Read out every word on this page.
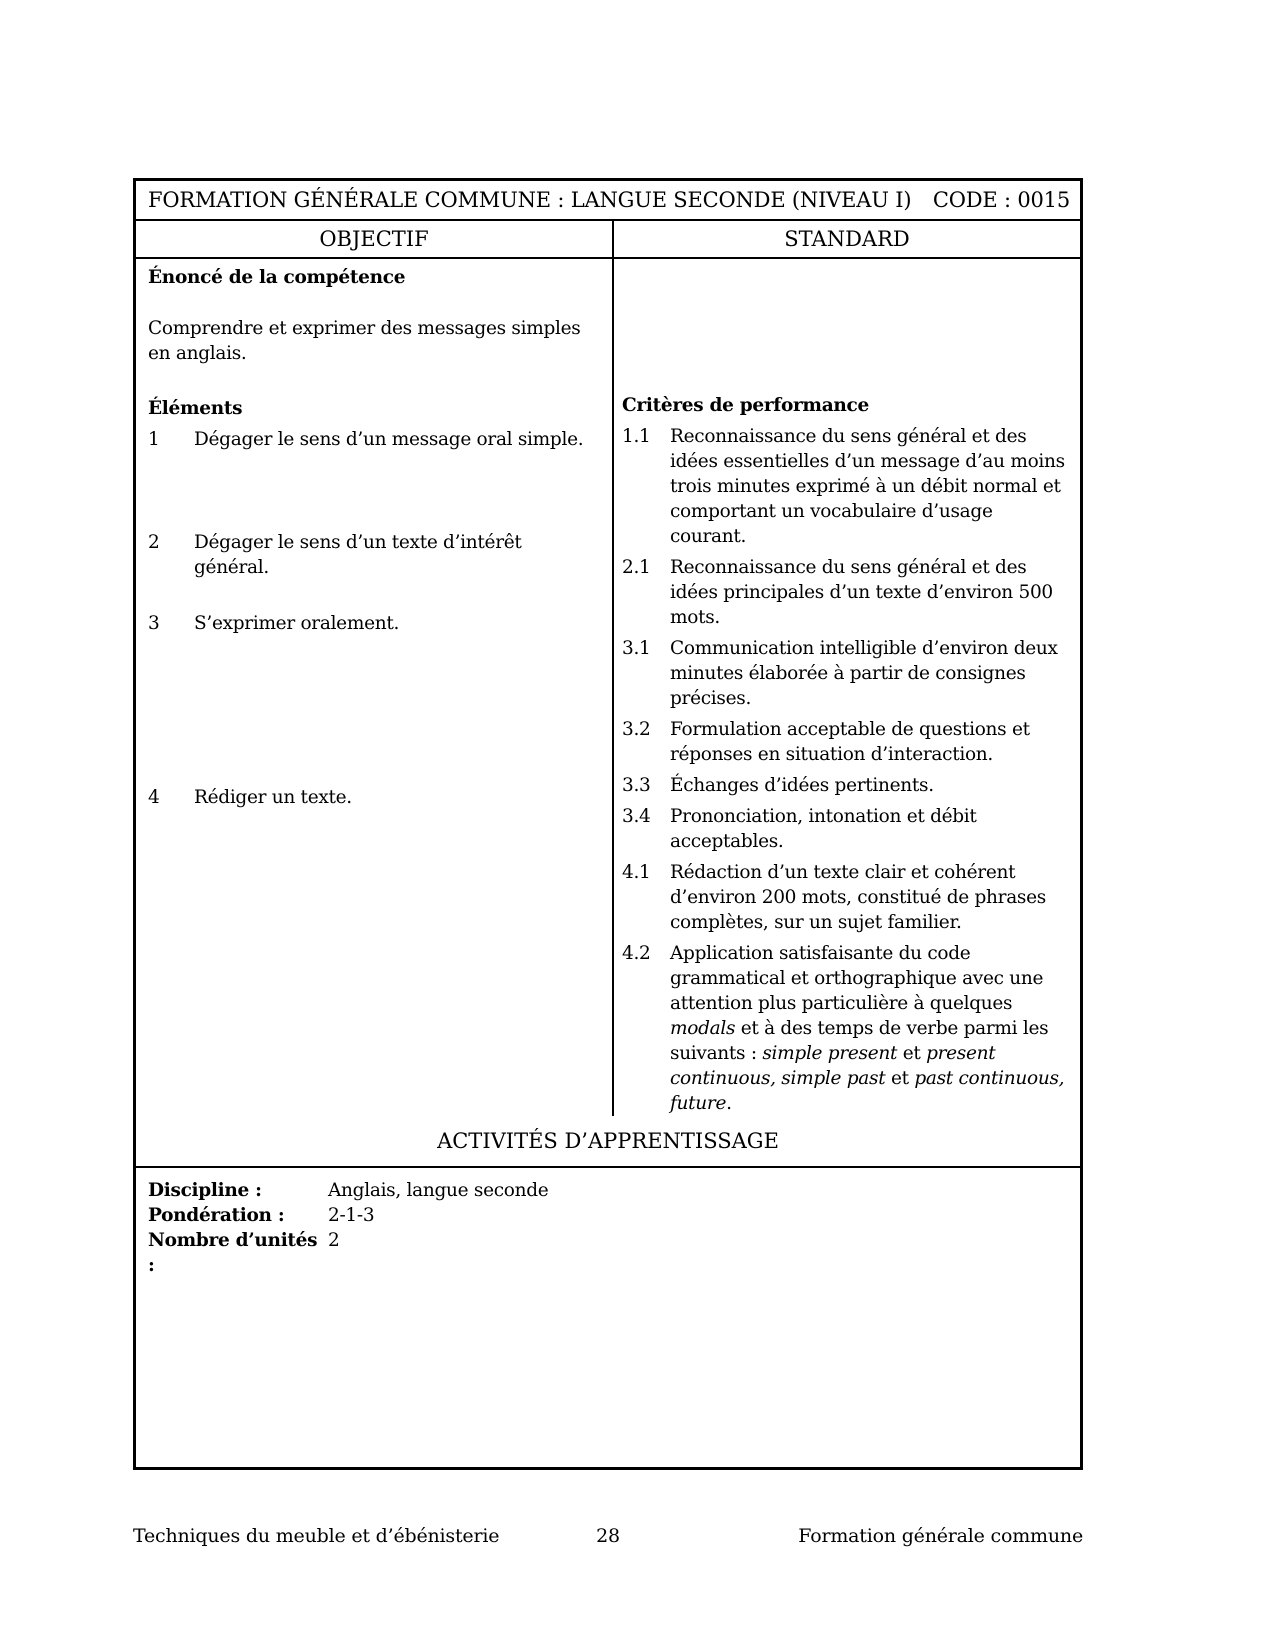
FORMATION GÉNÉRALE COMMUNE : LANGUE SECONDE (NIVEAU I) CODE : 0015
OBJECTIF	STANDARD
Énoncé de la compétence
Comprendre et exprimer des messages simples en anglais.
Éléments
1	Dégager le sens d’un message oral simple.
2	Dégager le sens d’un texte d’intérêt général.
3	S’exprimer oralement.
4	Rédiger un texte.
Critères de performance
1.1	Reconnaissance du sens général et des idées essentielles d’un message d’au moins trois minutes exprimé à un débit normal et comportant un vocabulaire d’usage courant.
2.1	Reconnaissance du sens général et des idées principales d’un texte d’environ 500 mots.
3.1	Communication intelligible d’environ deux minutes élaborée à partir de consignes précises.
3.2	Formulation acceptable de questions et réponses en situation d’interaction.
3.3	Échanges d’idées pertinents.
3.4	Prononciation, intonation et débit acceptables.
4.1	Rédaction d’un texte clair et cohérent d’environ 200 mots, constitué de phrases complètes, sur un sujet familier.
4.2	Application satisfaisante du code grammatical et orthographique avec une attention plus particulière à quelques modals et à des temps de verbe parmi les suivants : simple present et present continuous, simple past et past continuous, future.
ACTIVITÉS D’APPRENTISSAGE
Discipline :	Anglais, langue seconde
Pondération :	2-1-3
Nombre d’unités :
2
Techniques du meuble et d’ébénisterie	28	Formation générale commune
